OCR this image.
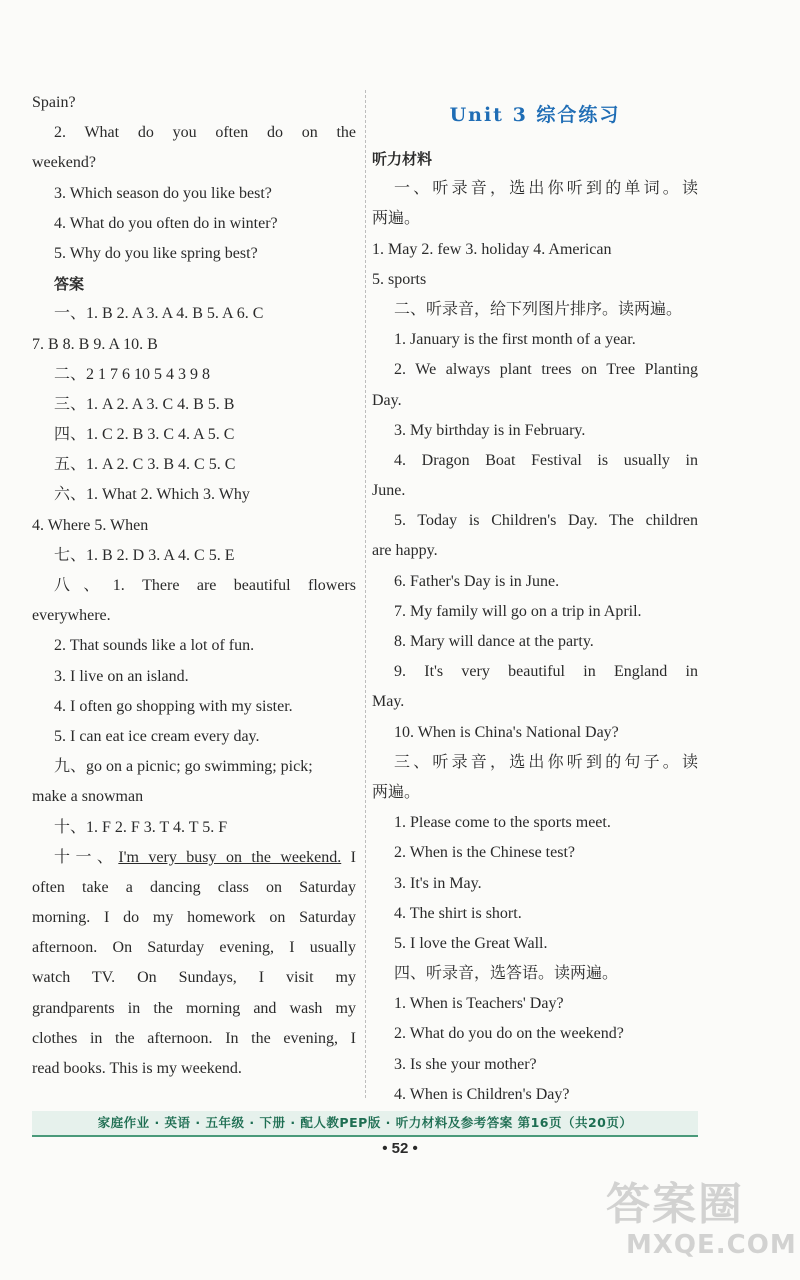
Spain?
2. What do you often do on the
weekend?
3. Which season do you like best?
4. What do you often do in winter?
5. Why do you like spring best?
答案
一、1. B 2. A 3. A 4. B 5. A 6. C
7. B 8. B 9. A 10. B
二、2 1 7 6 10 5 4 3 9 8
三、1. A 2. A 3. C 4. B 5. B
四、1. C 2. B 3. C 4. A 5. C
五、1. A 2. C 3. B 4. C 5. C
六、1. What 2. Which 3. Why
4. Where 5. When
七、1. B 2. D 3. A 4. C 5. E
八、1. There are beautiful flowers
everywhere.
2. That sounds like a lot of fun.
3. I live on an island.
4. I often go shopping with my sister.
5. I can eat ice cream every day.
九、go on a picnic; go swimming; pick;
make a snowman
十、1. F 2. F 3. T 4. T 5. F
十一、I'm very busy on the weekend. I
often take a dancing class on Saturday
morning. I do my homework on Saturday
afternoon. On Saturday evening, I usually
watch TV. On Sundays, I visit my
grandparents in the morning and wash my
clothes in the afternoon. In the evening, I
read books. This is my weekend.
Unit 3 综合练习
听力材料
一、听录音，选出你听到的单词。读
两遍。
1. May 2. few 3. holiday 4. American
5. sports
二、听录音，给下列图片排序。读两遍。
1. January is the first month of a year.
2. We always plant trees on Tree Planting
Day.
3. My birthday is in February.
4. Dragon Boat Festival is usually in
June.
5. Today is Children's Day. The children
are happy.
6. Father's Day is in June.
7. My family will go on a trip in April.
8. Mary will dance at the party.
9. It's very beautiful in England in
May.
10. When is China's National Day?
三、听录音，选出你听到的句子。读
两遍。
1. Please come to the sports meet.
2. When is the Chinese test?
3. It's in May.
4. The shirt is short.
5. I love the Great Wall.
四、听录音，选答语。读两遍。
1. When is Teachers' Day?
2. What do you do on the weekend?
3. Is she your mother?
4. When is Children's Day?
家庭作业 · 英语 · 五年级 · 下册 · 配人教PEP版 · 听力材料及参考答案 第16页（共20页）
• 52 •
答案圈
MXQE.COM
